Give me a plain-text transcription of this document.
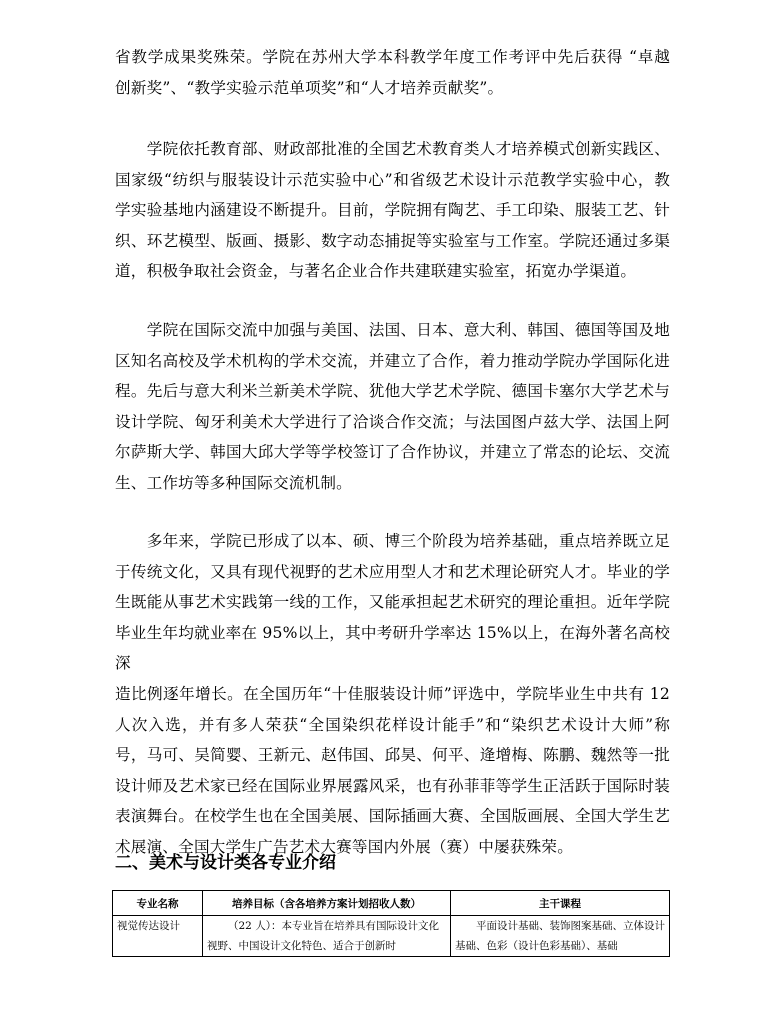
省教学成果奖殊荣。学院在苏州大学本科教学年度工作考评中先后获得 “卓越

创新奖”、“教学实验示范单项奖”和“人才培养贡献奖”。

　　学院依托教育部、财政部批准的全国艺术教育类人才培养模式创新实践区、

国家级“纺织与服装设计示范实验中心”和省级艺术设计示范教学实验中心，教

学实验基地内涵建设不断提升。目前，学院拥有陶艺、手工印染、服装工艺、针

织、环艺模型、版画、摄影、数字动态捕捉等实验室与工作室。学院还通过多渠

道，积极争取社会资金，与著名企业合作共建联建实验室，拓宽办学渠道。

　　学院在国际交流中加强与美国、法国、日本、意大利、韩国、德国等国及地

区知名高校及学术机构的学术交流，并建立了合作，着力推动学院办学国际化进

程。先后与意大利米兰新美术学院、犹他大学艺术学院、德国卡塞尔大学艺术与

设计学院、匈牙利美术大学进行了洽谈合作交流；与法国图卢兹大学、法国上阿

尔萨斯大学、韩国大邱大学等学校签订了合作协议，并建立了常态的论坛、交流

生、工作坊等多种国际交流机制。

　　多年来，学院已形成了以本、硕、博三个阶段为培养基础，重点培养既立足

于传统文化，又具有现代视野的艺术应用型人才和艺术理论研究人才。毕业的学

生既能从事艺术实践第一线的工作，又能承担起艺术研究的理论重担。近年学院

毕业生年均就业率在 95%以上，其中考研升学率达 15%以上，在海外著名高校深

造比例逐年增长。在全国历年“十佳服装设计师”评选中，学院毕业生中共有 12

人次入选，并有多人荣获“全国染织花样设计能手”和“染织艺术设计大师”称

号，马可、吴简婴、王新元、赵伟国、邱昊、何平、逄增梅、陈鹏、魏然等一批

设计师及艺术家已经在国际业界展露风采，也有孙菲菲等学生正活跃于国际时装

表演舞台。在校学生也在全国美展、国际插画大赛、全国版画展、全国大学生艺

术展演、全国大学生广告艺术大赛等国内外展（赛）中屡获殊荣。

二、美术与设计类各专业介绍
专业名称	培养目标（含各培养方案计划招收人数）	主干课程
视觉传达设计	（22 人）：本专业旨在培养具有国际设计文化视野、中国设计文化特色、适合于创新时	平面设计基础、装饰图案基础、立体设计基础、色彩（设计色彩基础）、基础
